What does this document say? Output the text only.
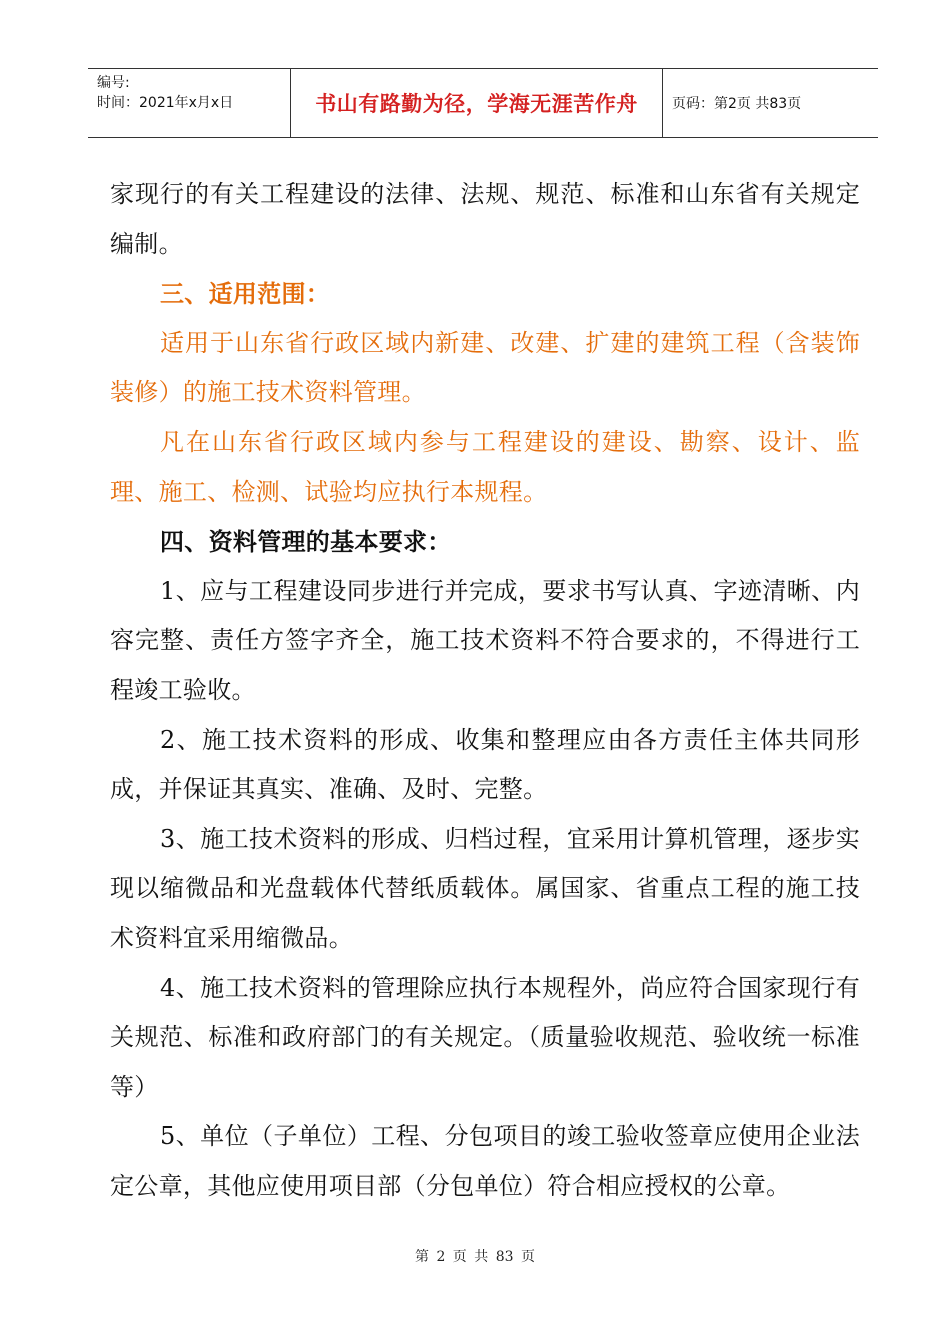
编号:
时间：2021年x月x日	书山有路勤为径，学海无涯苦作舟 页码：第2页 共83页

家现行的有关工程建设的法律、法规、规范、标准和山东省有关规定编制。

三、适用范围：

适用于山东省行政区域内新建、改建、扩建的建筑工程（含装饰装修）的施工技术资料管理。

凡在山东省行政区域内参与工程建设的建设、勘察、设计、监理、施工、检测、试验均应执行本规程。

四、资料管理的基本要求：

1、应与工程建设同步进行并完成，要求书写认真、字迹清晰、内容完整、责任方签字齐全，施工技术资料不符合要求的，不得进行工程竣工验收。

2、施工技术资料的形成、收集和整理应由各方责任主体共同形成，并保证其真实、准确、及时、完整。

3、施工技术资料的形成、归档过程，宜采用计算机管理，逐步实现以缩微品和光盘载体代替纸质载体。属国家、省重点工程的施工技术资料宜采用缩微品。

4、施工技术资料的管理除应执行本规程外，尚应符合国家现行有关规范、标准和政府部门的有关规定。（质量验收规范、验收统一标准等）

5、单位（子单位）工程、分包项目的竣工验收签章应使用企业法定公章，其他应使用项目部（分包单位）符合相应授权的公章。

第 2 页 共 83 页
